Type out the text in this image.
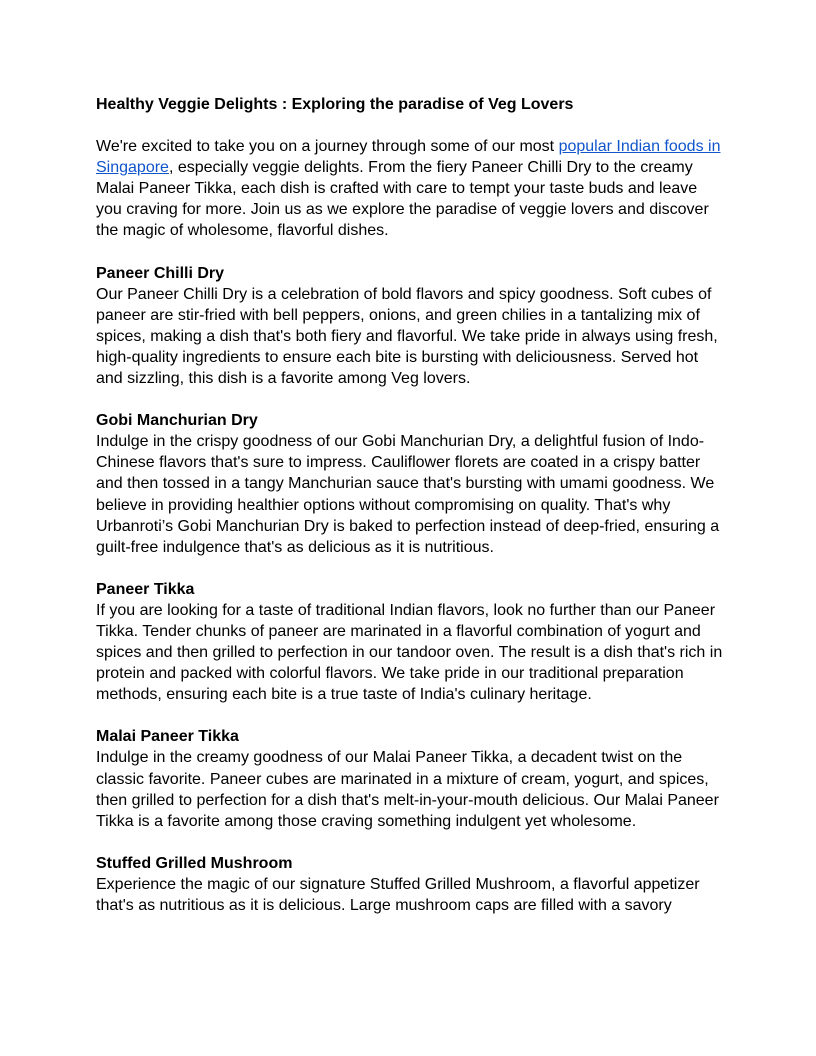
Healthy Veggie Delights : Exploring the paradise of Veg Lovers

We're excited to take you on a journey through some of our most popular Indian foods in Singapore, especially veggie delights. From the fiery Paneer Chilli Dry to the creamy Malai Paneer Tikka, each dish is crafted with care to tempt your taste buds and leave you craving for more. Join us as we explore the paradise of veggie lovers and discover the magic of wholesome, flavorful dishes.

Paneer Chilli Dry

Our Paneer Chilli Dry is a celebration of bold flavors and spicy goodness. Soft cubes of paneer are stir-fried with bell peppers, onions, and green chilies in a tantalizing mix of spices, making a dish that's both fiery and flavorful. We take pride in always using fresh, high-quality ingredients to ensure each bite is bursting with deliciousness. Served hot and sizzling, this dish is a favorite among Veg lovers.

Gobi Manchurian Dry

Indulge in the crispy goodness of our Gobi Manchurian Dry, a delightful fusion of Indo-Chinese flavors that's sure to impress. Cauliflower florets are coated in a crispy batter and then tossed in a tangy Manchurian sauce that's bursting with umami goodness. We believe in providing healthier options without compromising on quality. That's why Urbanroti’s Gobi Manchurian Dry is baked to perfection instead of deep-fried, ensuring a guilt-free indulgence that's as delicious as it is nutritious.

Paneer Tikka

If you are looking for a taste of traditional Indian flavors, look no further than our Paneer Tikka. Tender chunks of paneer are marinated in a flavorful combination of yogurt and spices and then grilled to perfection in our tandoor oven. The result is a dish that's rich in protein and packed with colorful flavors. We take pride in our traditional preparation methods, ensuring each bite is a true taste of India's culinary heritage.

Malai Paneer Tikka

Indulge in the creamy goodness of our Malai Paneer Tikka, a decadent twist on the classic favorite. Paneer cubes are marinated in a mixture of cream, yogurt, and spices, then grilled to perfection for a dish that's melt-in-your-mouth delicious. Our Malai Paneer Tikka is a favorite among those craving something indulgent yet wholesome.

Stuffed Grilled Mushroom

Experience the magic of our signature Stuffed Grilled Mushroom, a flavorful appetizer that's as nutritious as it is delicious. Large mushroom caps are filled with a savory
